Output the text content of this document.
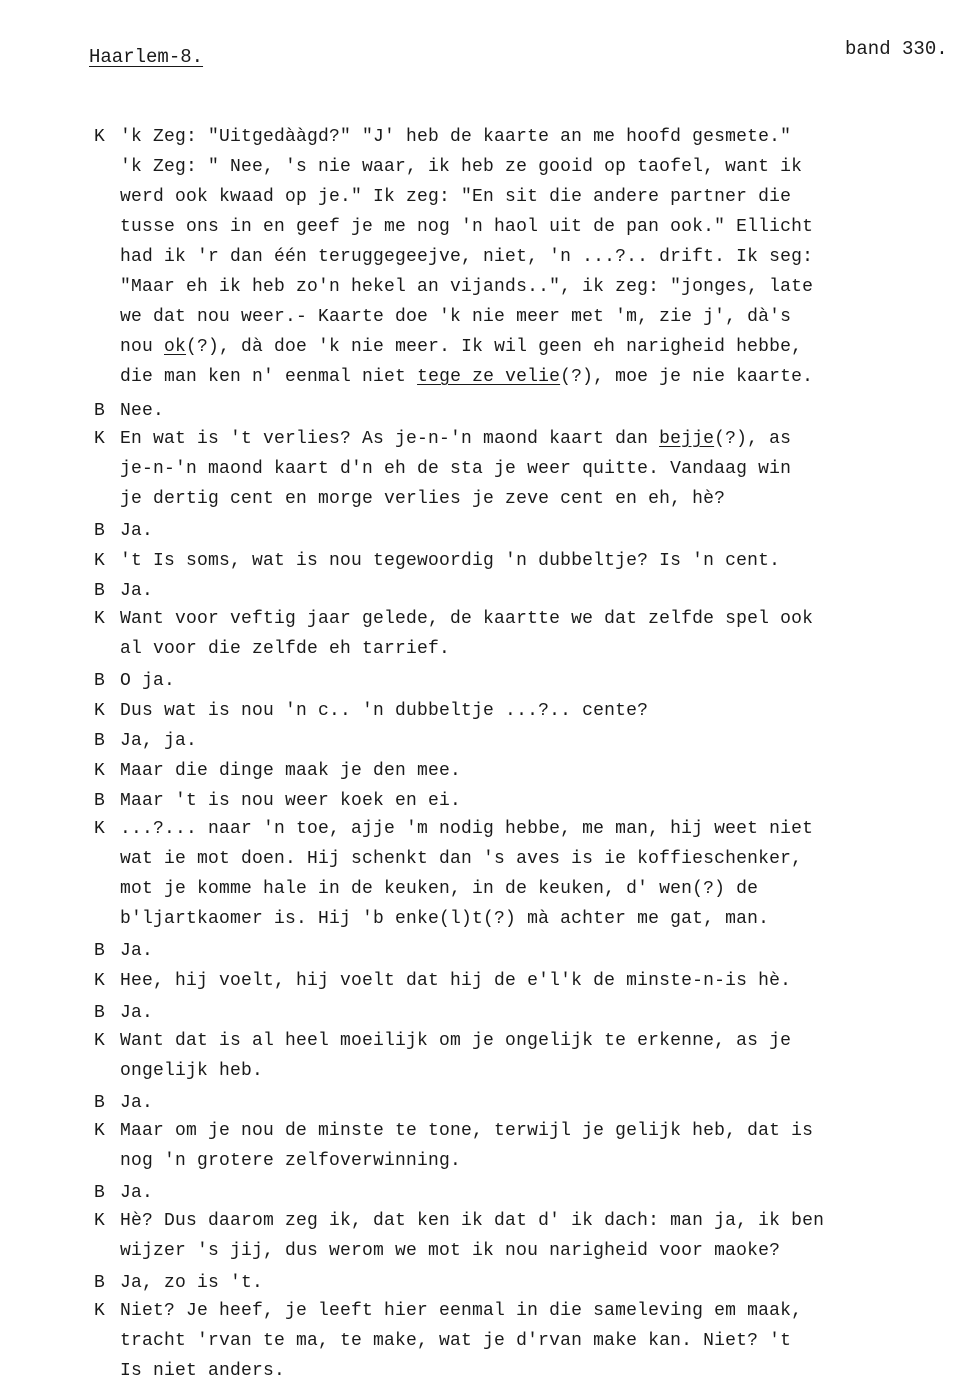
Haarlem-8.	band 330.
K 'k Zeg: "Uitgedààgd?" "J' heb de kaarte an me hoofd gesmete."
'k Zeg: " Nee, 's nie waar, ik heb ze gooid op taofel, want ik
werd ook kwaad op je." Ik zeg: "En sit die andere partner die
tusse ons in en geef je me nog 'n haol uit de pan ook." Ellicht
had ik 'r dan één teruggegeejve, niet, 'n ...?.. drift. Ik seg:
"Maar eh ik heb zo'n hekel an vijands..", ik zeg: "jonges, late
we dat nou weer.- Kaarte doe 'k nie meer met 'm, zie j', dà's
nou ok(?), dà doe 'k nie meer. Ik wil geen eh narigheid hebbe,
die man ken n' eenmal niet tege ze velie(?), moe je nie kaarte.
B Nee.
K En wat is 't verlies? As je-n-'n maond kaart dan bejje(?), as
je-n-'n maond kaart d'n eh de sta je weer quitte. Vandaag win
je dertig cent en morge verlies je zeve cent en eh, hè?
B Ja.
K 't Is soms, wat is nou tegewoordig 'n dubbeltje? Is 'n cent.
B Ja.
K Want voor veftig jaar gelede, de kaartte we dat zelfde spel ook
al voor die zelfde eh tarrief.
B O ja.
K Dus wat is nou 'n c.. 'n dubbeltje ...?.. cente?
B Ja, ja.
K Maar die dinge maak je den mee.
B Maar 't is nou weer koek en ei.
K ...?... naar 'n toe, ajje 'm nodig hebbe, me man, hij weet niet
wat ie mot doen. Hij schenkt dan 's aves is ie koffieschenker,
mot je komme hale in de keuken, in de keuken, d' wen(?) de
b'ljartkaomer is. Hij 'b enke(l)t(?) mà achter me gat, man.
B Ja.
K Hee, hij voelt, hij voelt dat hij de e'l'k de minste-n-is hè.
B Ja.
K Want dat is al heel moeilijk om je ongelijk te erkenne, as je
ongelijk heb.
B Ja.
K Maar om je nou de minste te tone, terwijl je gelijk heb, dat is
nog 'n grotere zelfoverwinning.
B Ja.
K Hè? Dus daarom zeg ik, dat ken ik dat d' ik dach: man ja, ik ben
wijzer 's jij, dus werom we mot ik nou narigheid voor maoke?
B Ja, zo is 't.
K Niet? Je heef, je leeft hier eenmal in die sameleving em maak,
tracht 'rvan te ma, te make, wat je d'rvan make kan. Niet? 't
Is niet anders.
